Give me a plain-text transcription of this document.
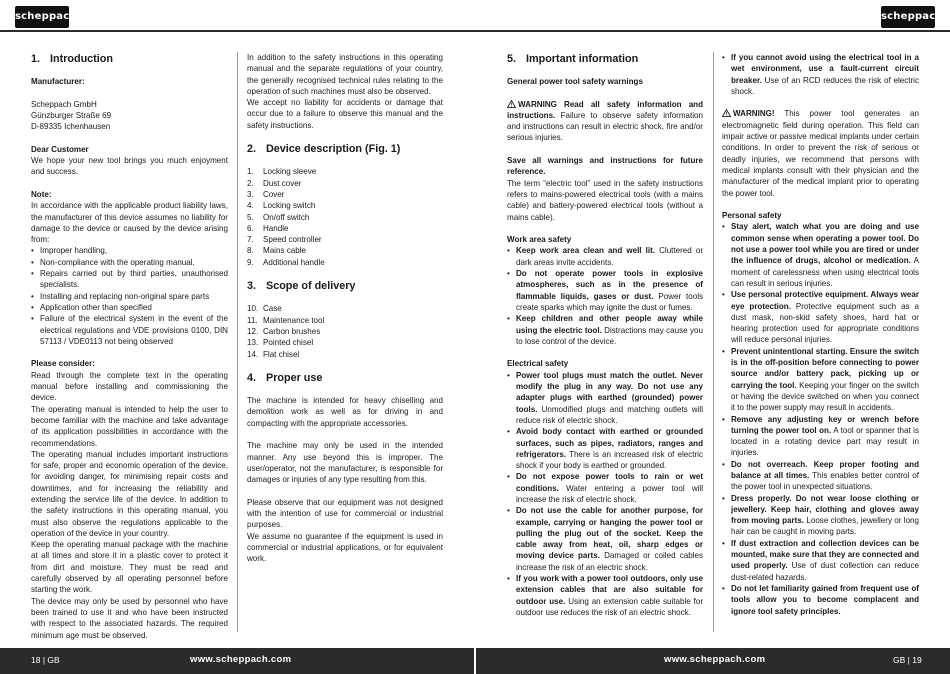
scheppach	scheppach
1. Introduction
Manufacturer:
Scheppach GmbH
Günzburger Straße 69
D-89335 Ichenhausen
Dear Customer
We hope your new tool brings you much enjoyment and success.
Note:
In accordance with the applicable product liability laws, the manufacturer of this device assumes no liability for damage to the device or caused by the device arising from:
• Improper handling,
• Non-compliance with the operating manual,
• Repairs carried out by third parties, unauthorised specialists.
• Installing and replacing non-original spare parts
• Application other than specified
• Failure of the electrical system in the event of the electrical regulations and VDE provisions 0100, DIN 57113 / VDE0113 not being observed
Please consider:
Read through the complete text in the operating manual before installing and commissioning the device.
The operating manual is intended to help the user to become familiar with the machine and take advantage of its application possibilities in accordance with the recommendations.
The operating manual includes important instructions for safe, proper and economic operation of the device, for avoiding danger, for minimising repair costs and downtimes, and for increasing the reliability and extending the service life of the device. In addition to the safety instructions in this operating manual, you must also observe the regulations applicable to the operation of the device in your country.
Keep the operating manual package with the machine at all times and store it in a plastic cover to protect it from dirt and moisture. They must be read and carefully observed by all operating personnel before starting the work.
The device may only be used by personnel who have been trained to use it and who have been instructed with respect to the associated hazards. The required minimum age must be observed.
In addition to the safety instructions in this operating manual and the separate regulations of your country, the generally recognised technical rules relating to the operation of such machines must also be observed.
We accept no liability for accidents or damage that occur due to a failure to observe this manual and the safety instructions.
2. Device description (Fig. 1)
1.	Locking sleeve
2.	Dust cover
3.	Cover
4.	Locking switch
5.	On/off switch
6.	Handle
7.	Speed controller
8.	Mains cable
9.	Additional handle
3. Scope of delivery
10. Case
11. Maintenance tool
12. Carbon brushes
13. Pointed chisel
14. Flat chisel
4. Proper use
The machine is intended for heavy chiselling and demolition work as well as for driving in and compacting with the appropriate accessories.
The machine may only be used in the intended manner. Any use beyond this is improper. The user/operator, not the manufacturer, is responsible for damages or injuries of any type resulting from this.
Please observe that our equipment was not designed with the intention of use for commercial or industrial purposes.
We assume no guarantee if the equipment is used in commercial or industrial applications, or for equivalent work.
5. Important information
General power tool safety warnings
WARNING Read all safety information and instructions. Failure to observe safety information and instructions can result in electric shock, fire and/or serious injuries.
Save all warnings and instructions for future reference.
The term “electric tool” used in the safety instructions refers to mains-powered electrical tools (with a mains cable) and battery-powered electrical tools (without a mains cable).
Work area safety
• Keep work area clean and well lit. Cluttered or dark areas invite accidents.
• Do not operate power tools in explosive atmospheres, such as in the presence of flammable liquids, gases or dust. Power tools create sparks which may ignite the dust or fumes.
• Keep children and other people away while using the electric tool. Distractions may cause you to lose control of the device.
Electrical safety
• Power tool plugs must match the outlet. Never modify the plug in any way. Do not use any adapter plugs with earthed (grounded) power tools. Unmodified plugs and matching outlets will reduce risk of electric shock.
• Avoid body contact with earthed or grounded surfaces, such as pipes, radiators, ranges and refrigerators. There is an increased risk of electric shock if your body is earthed or grounded.
• Do not expose power tools to rain or wet conditions. Water entering a power tool will increase the risk of electric shock.
• Do not use the cable for another purpose, for example, carrying or hanging the power tool or pulling the plug out of the socket. Keep the cable away from heat, oil, sharp edges or moving device parts. Damaged or coiled cables increase the risk of an electric shock.
• If you work with a power tool outdoors, only use extension cables that are also suitable for outdoor use. Using an extension cable suitable for outdoor use reduces the risk of an electric shock.
• If you cannot avoid using the electrical tool in a wet environment, use a fault-current circuit breaker. Use of an RCD reduces the risk of electric shock.
WARNING! This power tool generates an electromagnetic field during operation. This field can impair active or passive medical implants under certain conditions. In order to prevent the risk of serious or deadly injuries, we recommend that persons with medical implants consult with their physician and the manufacturer of the medical implant prior to operating the power tool.
Personal safety
• Stay alert, watch what you are doing and use common sense when operating a power tool. Do not use a power tool while you are tired or under the influence of drugs, alcohol or medication. A moment of carelessness when using electrical tools can result in serious injuries.
• Use personal protective equipment. Always wear eye protection. Protective equipment such as a dust mask, non-skid safety shoes, hard hat or hearing protection used for appropriate conditions will reduce personal injuries.
• Prevent unintentional starting. Ensure the switch is in the off-position before connecting to power source and/or battery pack, picking up or carrying the tool. Keeping your finger on the switch or having the device switched on when you connect it to the power supply may result in accidents.
• Remove any adjusting key or wrench before turning the power tool on. A tool or spanner that is located in a rotating device part may result in injuries.
• Do not overreach. Keep proper footing and balance at all times. This enables better control of the power tool in unexpected situations.
• Dress properly. Do not wear loose clothing or jewellery. Keep hair, clothing and gloves away from moving parts. Loose clothes, jewellery or long hair can be caught in moving parts.
• If dust extraction and collection devices can be mounted, make sure that they are connected and used properly. Use of dust collection can reduce dust-related hazards.
• Do not let familiarity gained from frequent use of tools allow you to become complacent and ignore tool safety principles.
18 | GB	www.scheppach.com	www.scheppach.com	GB | 19
